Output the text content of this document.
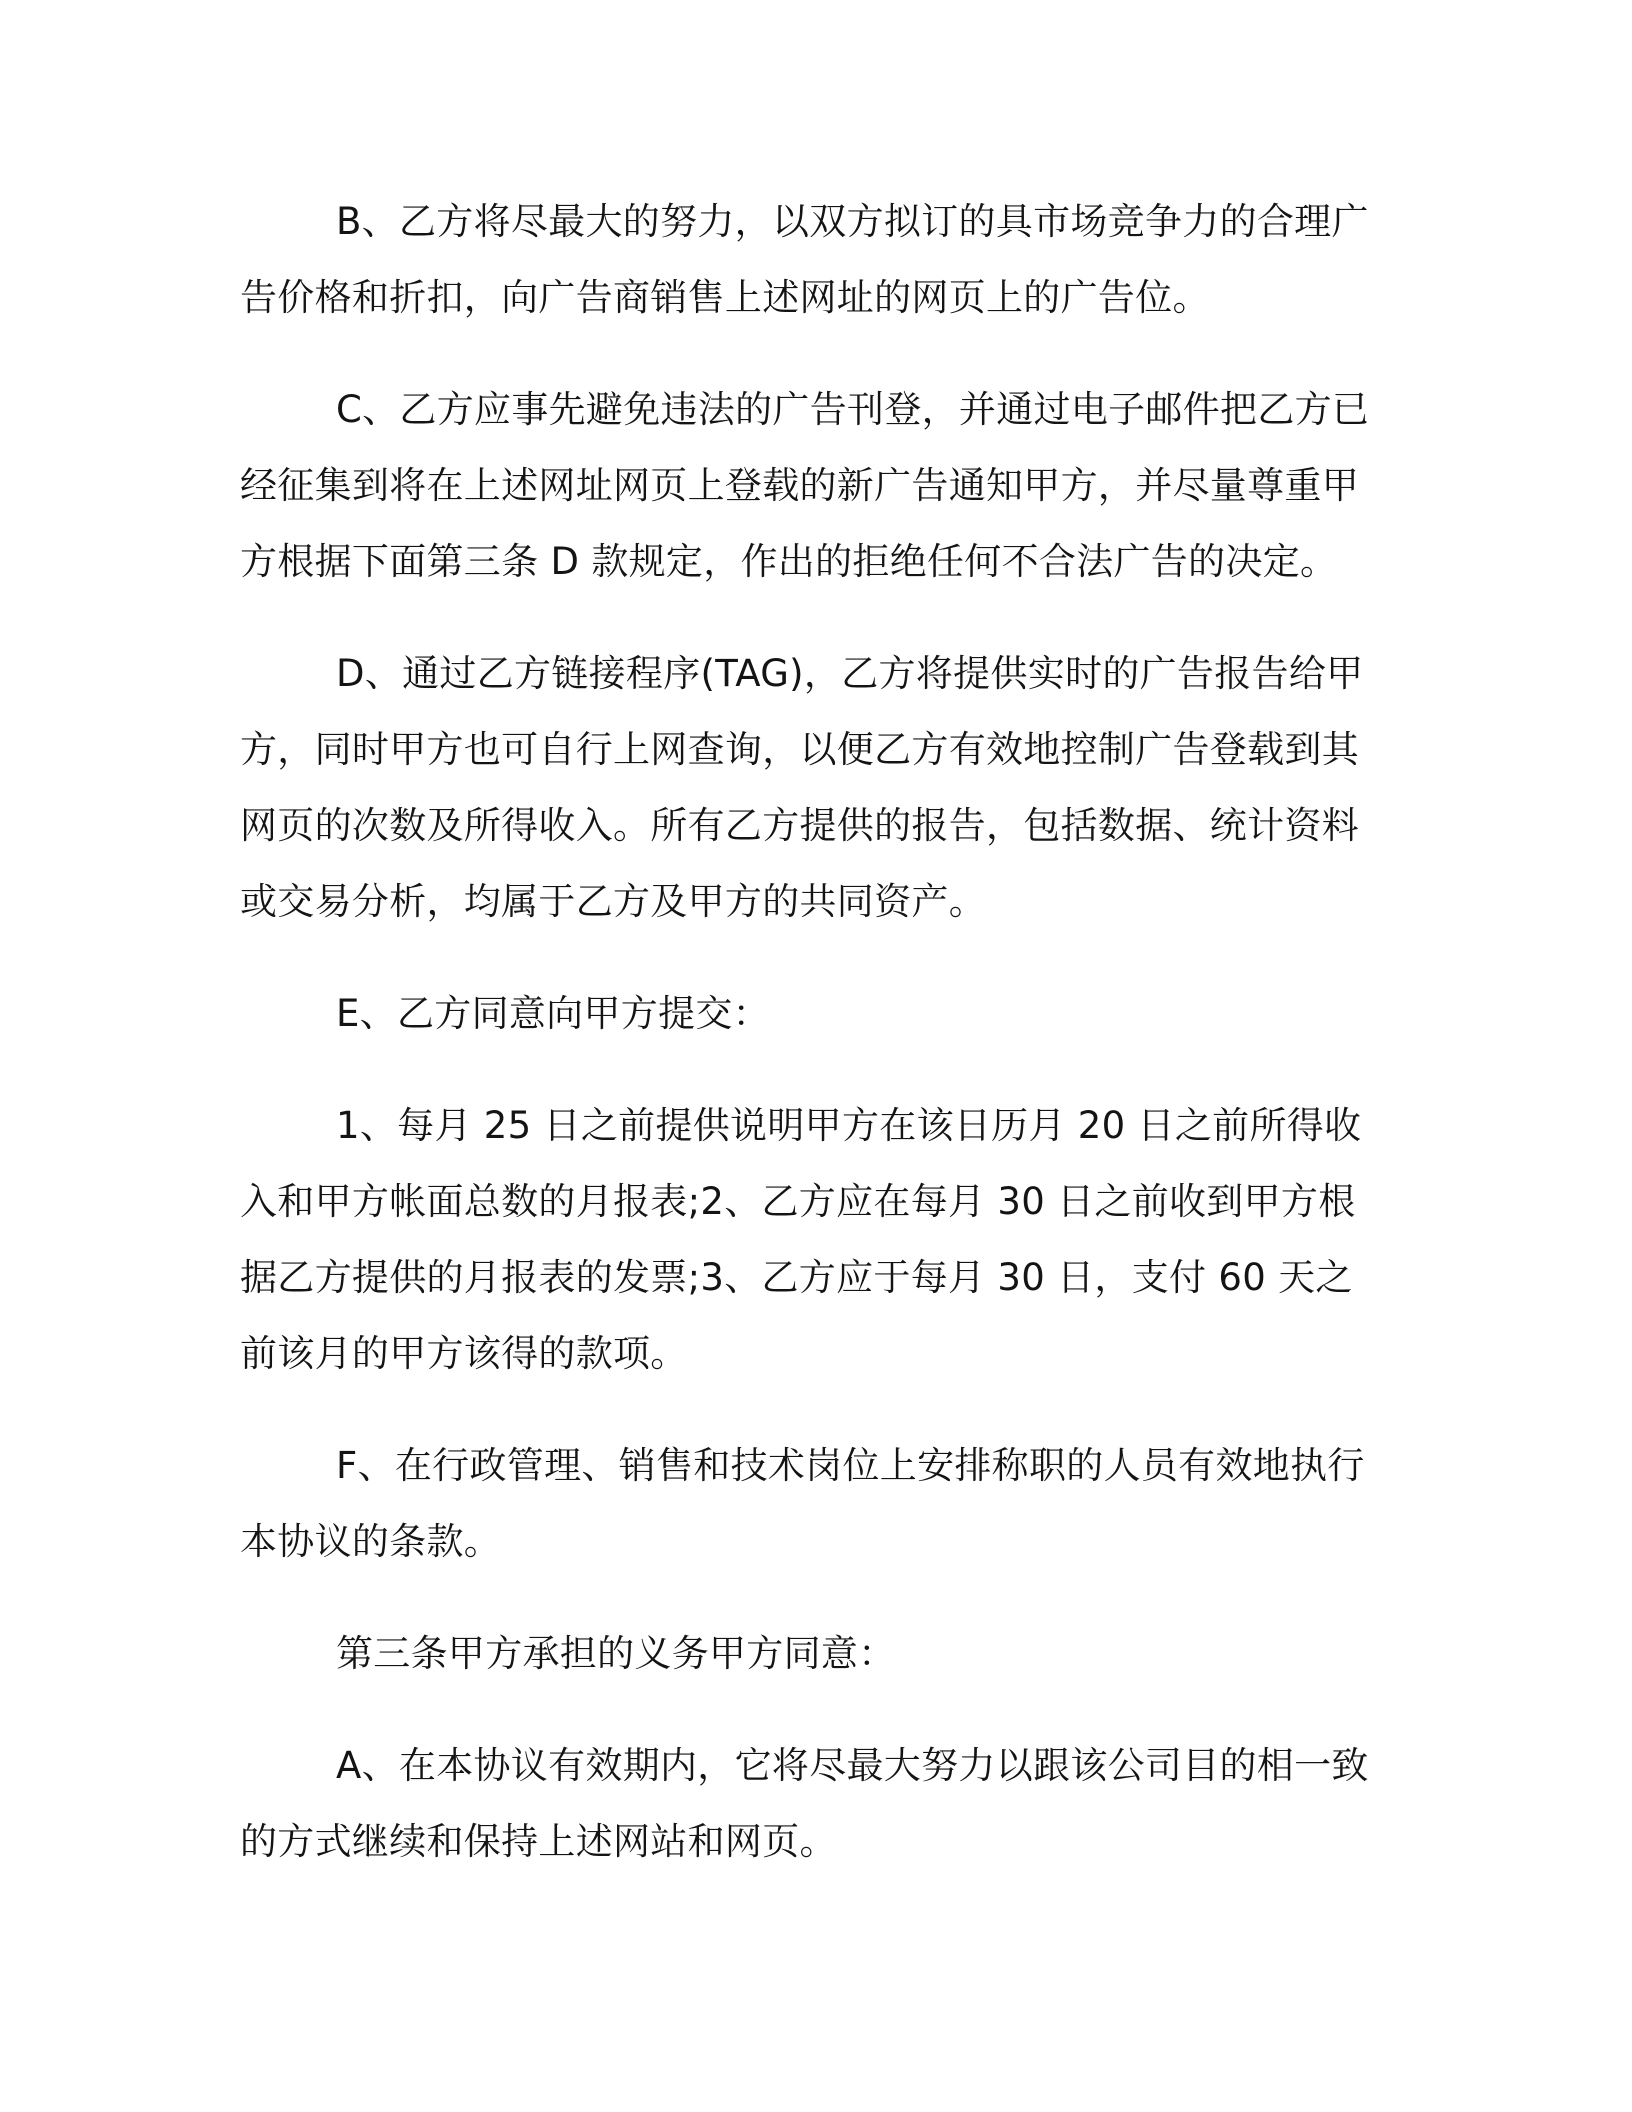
B、乙方将尽最大的努力，以双方拟订的具市场竞争力的合理广告价格和折扣，向广告商销售上述网址的网页上的广告位。

C、乙方应事先避免违法的广告刊登，并通过电子邮件把乙方已经征集到将在上述网址网页上登载的新广告通知甲方，并尽量尊重甲方根据下面第三条 D 款规定，作出的拒绝任何不合法广告的决定。

D、通过乙方链接程序(TAG)，乙方将提供实时的广告报告给甲方，同时甲方也可自行上网查询，以便乙方有效地控制广告登载到其网页的次数及所得收入。所有乙方提供的报告，包括数据、统计资料或交易分析，均属于乙方及甲方的共同资产。

E、乙方同意向甲方提交：

1、每月 25 日之前提供说明甲方在该日历月 20 日之前所得收入和甲方帐面总数的月报表;2、乙方应在每月 30 日之前收到甲方根据乙方提供的月报表的发票;3、乙方应于每月 30 日，支付 60 天之前该月的甲方该得的款项。

F、在行政管理、销售和技术岗位上安排称职的人员有效地执行本协议的条款。

第三条甲方承担的义务甲方同意：

A、在本协议有效期内，它将尽最大努力以跟该公司目的相一致的方式继续和保持上述网站和网页。
